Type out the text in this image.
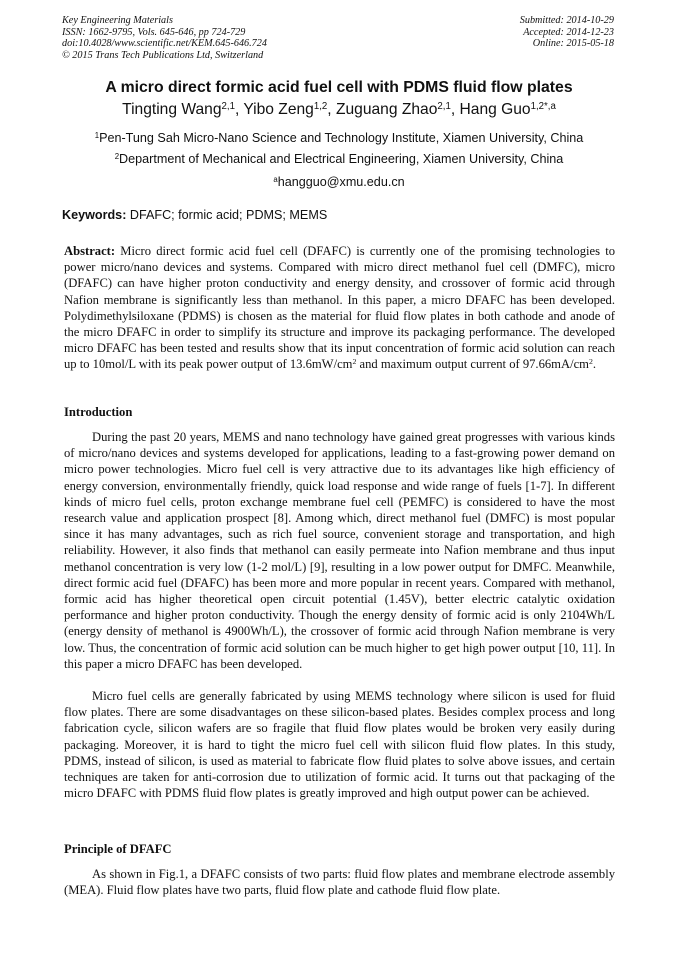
Key Engineering Materials
ISSN: 1662-9795, Vols. 645-646, pp 724-729
doi:10.4028/www.scientific.net/KEM.645-646.724
© 2015 Trans Tech Publications Ltd, Switzerland
Submitted: 2014-10-29
Accepted: 2014-12-23
Online: 2015-05-18
A micro direct formic acid fuel cell with PDMS fluid flow plates
Tingting Wang$^{2,1}$, Yibo Zeng$^{1,2}$, Zuguang Zhao$^{2,1}$, Hang Guo$^{1,2*,a}$
$^1$Pen-Tung Sah Micro-Nano Science and Technology Institute, Xiamen University, China
$^2$Department of Mechanical and Electrical Engineering, Xiamen University, China
$^a$hangguo@xmu.edu.cn
Keywords: DFAFC; formic acid; PDMS; MEMS

Abstract: Micro direct formic acid fuel cell (DFAFC) is currently one of the promising technologies to power micro/nano devices and systems. Compared with micro direct methanol fuel cell (DMFC), micro (DFAFC) can have higher proton conductivity and energy density, and crossover of formic acid through Nafion membrane is significantly less than methanol. In this paper, a micro DFAFC has been developed. Polydimethylsiloxane (PDMS) is chosen as the material for fluid flow plates in both cathode and anode of the micro DFAFC in order to simplify its structure and improve its packaging performance. The developed micro DFAFC has been tested and results show that its input concentration of formic acid solution can reach up to 10mol/L with its peak power output of $13.6mW/cm^2$ and maximum output current of $97.66mA/cm^2$.

Introduction

During the past 20 years, MEMS and nano technology have gained great progresses with various kinds of micro/nano devices and systems developed for applications, leading to a fast-growing power demand on micro power technologies. Micro fuel cell is very attractive due to its advantages like high efficiency of energy conversion, environmentally friendly, quick load response and wide range of fuels [1-7]. In different kinds of micro fuel cells, proton exchange membrane fuel cell (PEMFC) is considered to have the most research value and application prospect [8]. Among which, direct methanol fuel (DMFC) is most popular since it has many advantages, such as rich fuel source, convenient storage and transportation, and high reliability. However, it also finds that methanol can easily permeate into Nafion membrane and thus input methanol concentration is very low (1-2 mol/L) [9], resulting in a low power output for DMFC. Meanwhile, direct formic acid fuel (DFAFC) has been more and more popular in recent years. Compared with methanol, formic acid has higher theoretical open circuit potential (1.45V), better electric catalytic oxidation performance and higher proton conductivity. Though the energy density of formic acid is only 2104Wh/L (energy density of methanol is 4900Wh/L), the crossover of formic acid through Nafion membrane is very low. Thus, the concentration of formic acid solution can be much higher to get high power output [10, 11]. In this paper a micro DFAFC has been developed.

Micro fuel cells are generally fabricated by using MEMS technology where silicon is used for fluid flow plates. There are some disadvantages on these silicon-based plates. Besides complex process and long fabrication cycle, silicon wafers are so fragile that fluid flow plates would be broken very easily during packaging. Moreover, it is hard to tight the micro fuel cell with silicon fluid flow plates. In this study, PDMS, instead of silicon, is used as material to fabricate flow fluid plates to solve above issues, and certain techniques are taken for anti-corrosion due to utilization of formic acid. It turns out that packaging of the micro DFAFC with PDMS fluid flow plates is greatly improved and high output power can be achieved.

Principle of DFAFC

As shown in Fig.1, a DFAFC consists of two parts: fluid flow plates and membrane electrode assembly (MEA). Fluid flow plates have two parts, fluid flow plate and cathode fluid flow plate.
